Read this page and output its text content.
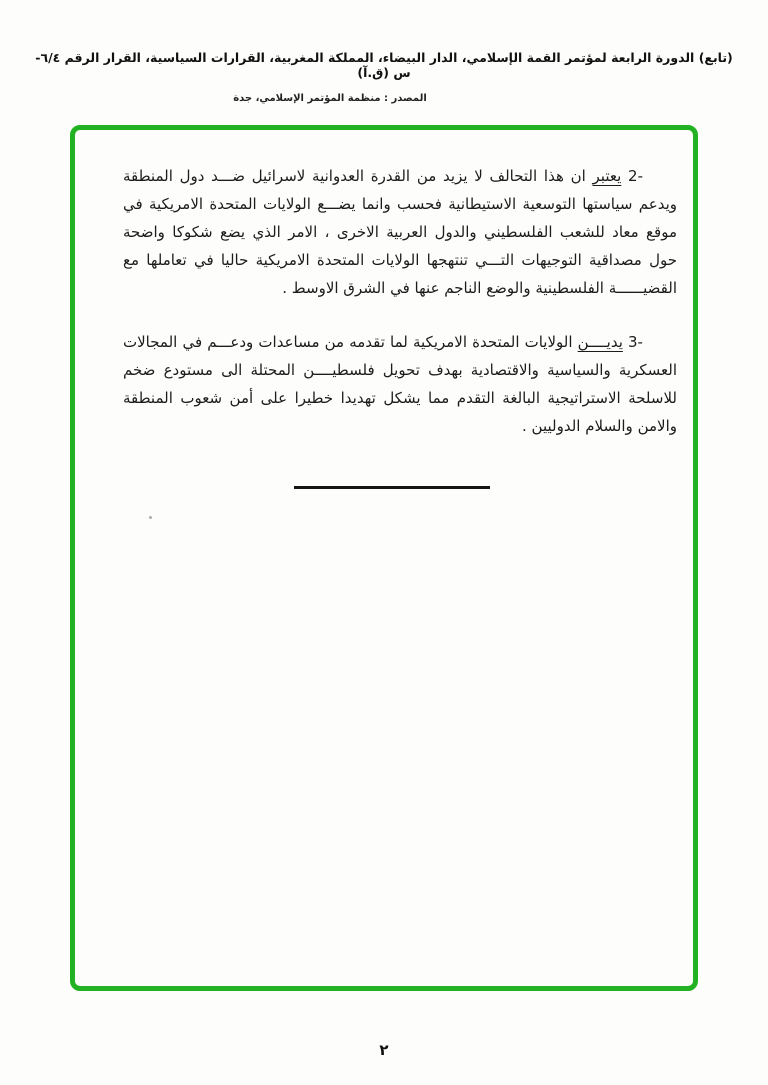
(تابع) الدورة الرابعة لمؤتمر القمة الإسلامي، الدار البيضاء، المملكة المغربية، القرارات السياسية، القرار الرقم ٦/٤-س (ق.آ)
المصدر : منظمة المؤتمر الإسلامي، جدة

2- يعتبر ان هذا التحالف لا يزيد من القدرة العدوانية لاسرائيل ضـــد دول المنطقة ويدعم سياستها التوسعية الاستيطانية فحسب وانما يضـــع الولايات المتحدة الامريكية في موقع معاد للشعب الفلسطيني والدول العربية الاخرى ، الامر الذي يضع شكوكا واضحة حول مصداقية التوجيهات التـــي تنتهجها الولايات المتحدة الامريكية حاليا في تعاملها مع القضيــــــة الفلسطينية والوضع الناجم عنها في الشرق الاوسط .

3- يديــــن الولايات المتحدة الامريكية لما تقدمه من مساعدات ودعـــم في المجالات العسكرية والسياسية والاقتصادية بهدف تحويل فلسطيــــن المحتلة الى مستودع ضخم للاسلحة الاستراتيجية البالغة التقدم مما يشكل تهديدا خطيرا على أمن شعوب المنطقة والامن والسلام الدوليين .

٢
